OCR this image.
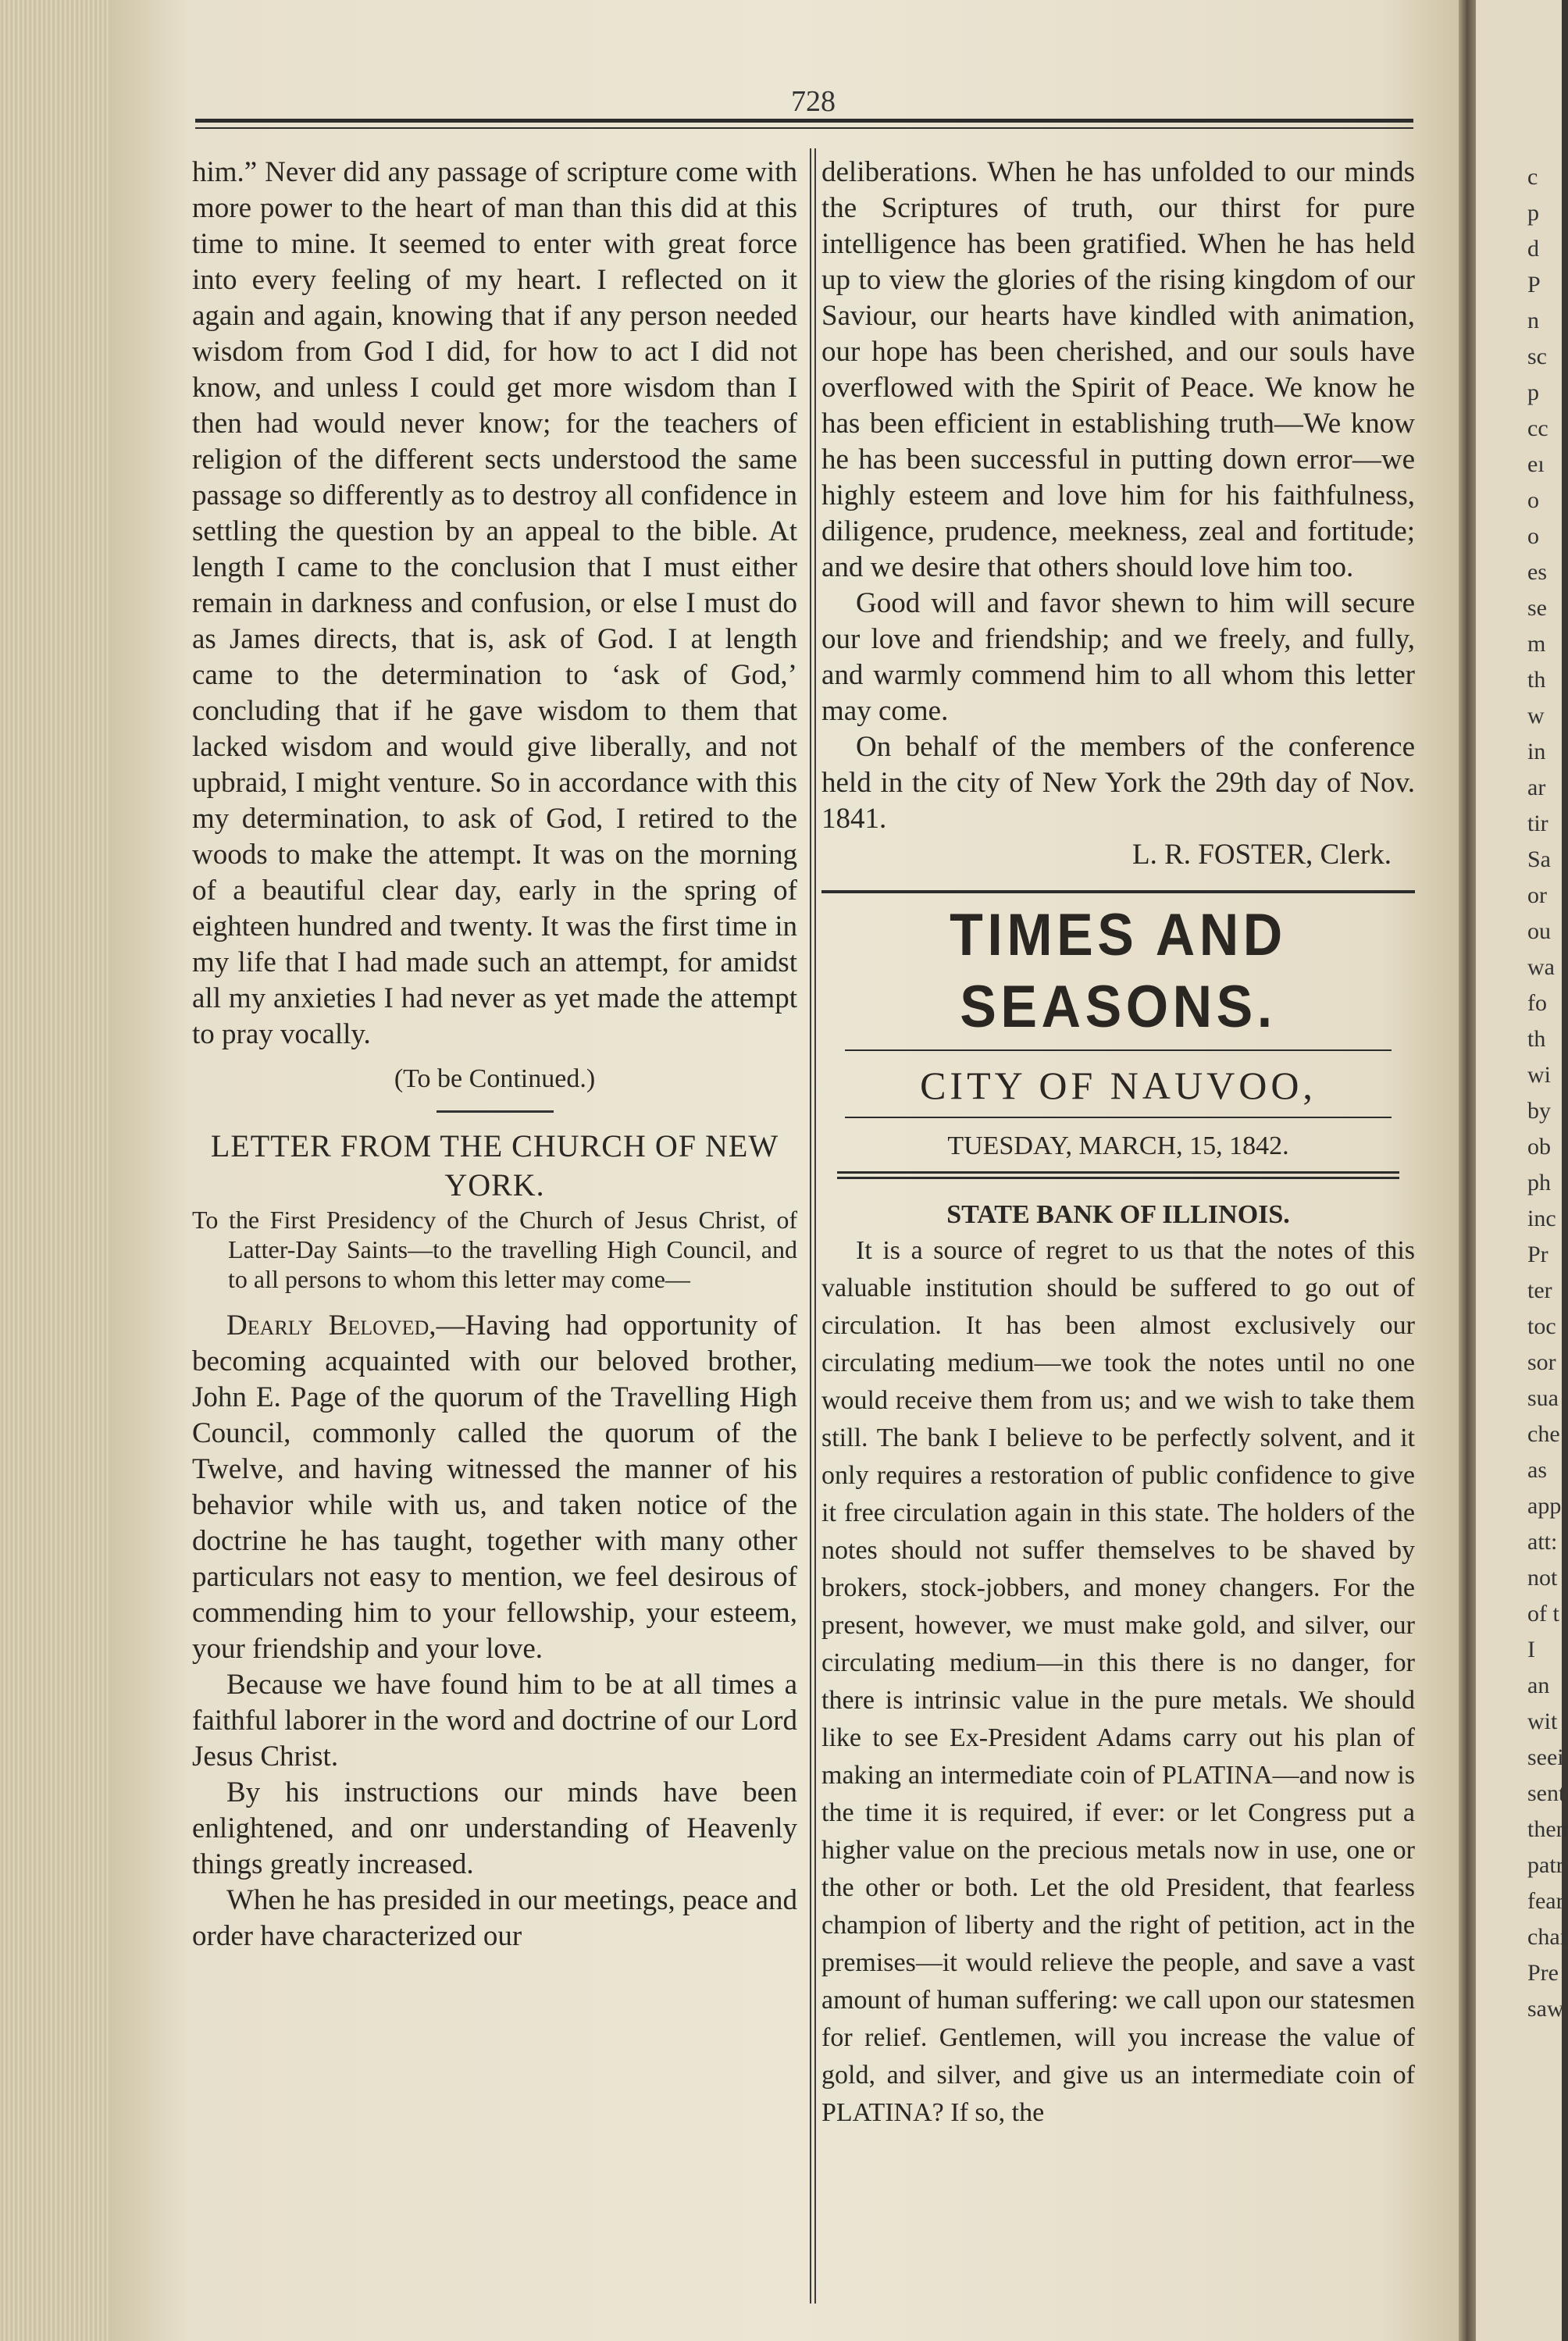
c
p
d
P
n
sc
p
cc
eı
o
o
es
se
m
th
w
in
ar
tir
Sa
or
ou
wa
fo
th
wi
by
ob
ph
inc
Pr
ter
toc
sor
sua
che
as
app
att:
not
of t
I
an
wit
seei
sent
then
patr
fear
chai
Pre
saw
728

him.” Never did any passage of scripture come with more power to the heart of man than this did at this time to mine. It seemed to enter with great force into every feeling of my heart. I reflected on it again and again, knowing that if any person needed wisdom from God I did, for how to act I did not know, and unless I could get more wisdom than I then had would never know; for the teachers of religion of the different sects understood the same passage so differently as to destroy all confidence in settling the question by an appeal to the bible. At length I came to the conclusion that I must either remain in darkness and confusion, or else I must do as James directs, that is, ask of God. I at length came to the determination to ‘ask of God,’ concluding that if he gave wisdom to them that lacked wisdom and would give liberally, and not upbraid, I might venture. So in accordance with this my determination, to ask of God, I retired to the woods to make the attempt. It was on the morning of a beautiful clear day, early in the spring of eighteen hundred and twenty. It was the first time in my life that I had made such an attempt, for amidst all my anxieties I had never as yet made the attempt to pray vocally.

(To be Continued.)

LETTER FROM THE CHURCH OF NEW YORK.

To the First Presidency of the Church of Jesus Christ, of Latter-Day Saints—to the travelling High Council, and to all persons to whom this letter may come—

Dearly Beloved,—Having had opportunity of becoming acquainted with our beloved brother, John E. Page of the quorum of the Travelling High Council, commonly called the quorum of the Twelve, and having witnessed the manner of his behavior while with us, and taken notice of the doctrine he has taught, together with many other particulars not easy to mention, we feel desirous of commending him to your fellowship, your esteem, your friendship and your love.

Because we have found him to be at all times a faithful laborer in the word and doctrine of our Lord Jesus Christ.

By his instructions our minds have been enlightened, and onr understanding of Heavenly things greatly increased.

When he has presided in our meetings, peace and order have characterized our

deliberations. When he has unfolded to our minds the Scriptures of truth, our thirst for pure intelligence has been gratified. When he has held up to view the glories of the rising kingdom of our Saviour, our hearts have kindled with animation, our hope has been cherished, and our souls have overflowed with the Spirit of Peace. We know he has been efficient in establishing truth—We know he has been successful in putting down error—we highly esteem and love him for his faithfulness, diligence, prudence, meekness, zeal and fortitude; and we desire that others should love him too.

Good will and favor shewn to him will secure our love and friendship; and we freely, and fully, and warmly commend him to all whom this letter may come.

On behalf of the members of the conference held in the city of New York the 29th day of Nov. 1841.

L. R. FOSTER, Clerk.

TIMES AND SEASONS.

CITY OF NAUVOO,

TUESDAY, MARCH, 15, 1842.

STATE BANK OF ILLINOIS.

It is a source of regret to us that the notes of this valuable institution should be suffered to go out of circulation. It has been almost exclusively our circulating medium—we took the notes until no one would receive them from us; and we wish to take them still. The bank I believe to be perfectly solvent, and it only requires a restoration of public confidence to give it free circulation again in this state. The holders of the notes should not suffer themselves to be shaved by brokers, stock-jobbers, and money changers. For the present, however, we must make gold, and silver, our circulating medium—in this there is no danger, for there is intrinsic value in the pure metals. We should like to see Ex-President Adams carry out his plan of making an intermediate coin of PLATINA—and now is the time it is required, if ever: or let Congress put a higher value on the precious metals now in use, one or the other or both. Let the old President, that fearless champion of liberty and the right of petition, act in the premises—it would relieve the people, and save a vast amount of human suffering: we call upon our statesmen for relief. Gentlemen, will you increase the value of gold, and silver, and give us an intermediate coin of PLATINA? If so, the
